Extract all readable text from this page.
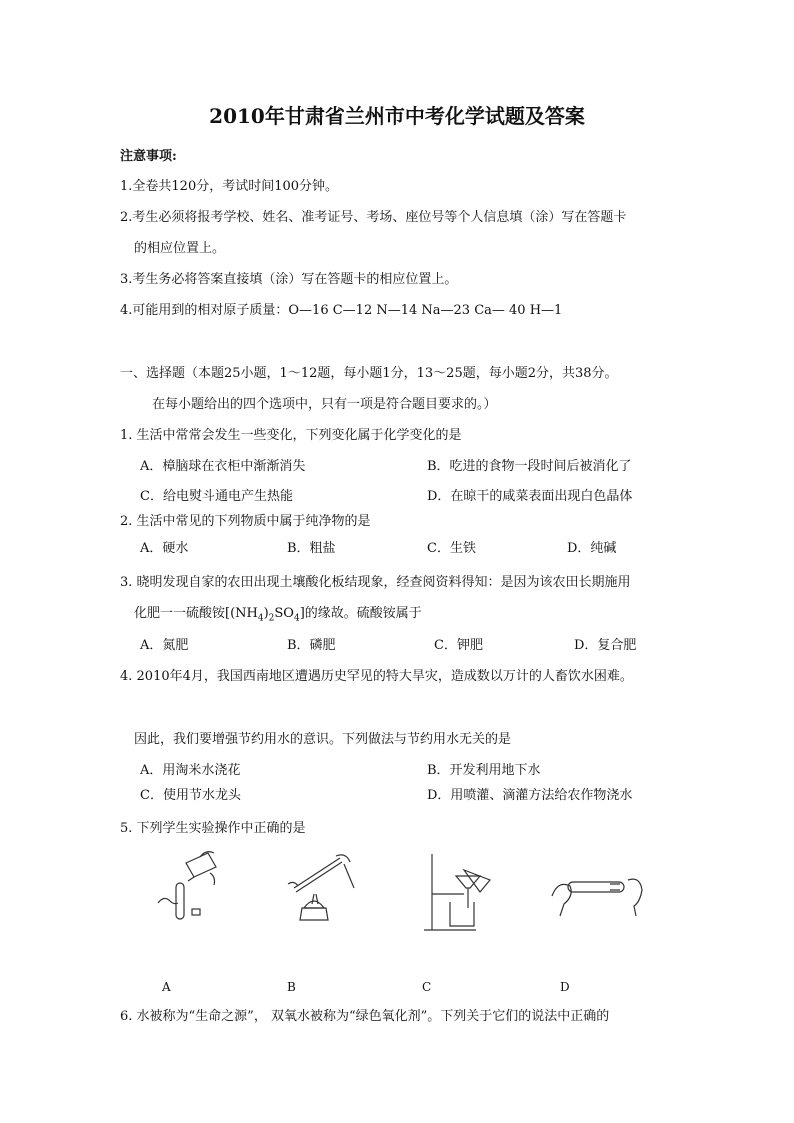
2010年甘肃省兰州市中考化学试题及答案
注意事项:
1.全卷共120分，考试时间100分钟。
2.考生必须将报考学校、姓名、准考证号、考场、座位号等个人信息填（涂）写在答题卡
的相应位置上。
3.考生务必将答案直接填（涂）写在答题卡的相应位置上。
4.可能用到的相对原子质量：O—16 C—12 N—14 Na—23 Ca— 40 H—1
一、选择题（本题25小题，1～12题，每小题1分，13～25题，每小题2分，共38分。
在每小题给出的四个选项中，只有一项是符合题目要求的。）
1. 生活中常常会发生一些变化，下列变化属于化学变化的是
A．樟脑球在衣柜中渐渐消失	B．吃进的食物一段时间后被消化了
C．给电熨斗通电产生热能	D．在晾干的咸菜表面出现白色晶体
2. 生活中常见的下列物质中属于纯净物的是
A．硬水	B．粗盐	C．生铁	D．纯碱
3. 晓明发现自家的农田出现土壤酸化板结现象，经查阅资料得知：是因为该农田长期施用
化肥一一硫酸铵$[(NH_4)_2SO_4]$的缘故。硫酸铵属于
A．氮肥	B．磷肥	C．钾肥	D．复合肥
4. 2010年4月，我国西南地区遭遇历史罕见的特大旱灾，造成数以万计的人畜饮水困难。
因此，我们要增强节约用水的意识。下列做法与节约用水无关的是
A．用淘米水浇花	B．开发利用地下水
C．使用节水龙头	D．用喷灌、滴灌方法给农作物浇水
5. 下列学生实验操作中正确的是
A	B	C	D
6. 水被称为“生命之源”， 双氧水被称为“绿色氧化剂”。下列关于它们的说法中正确的
